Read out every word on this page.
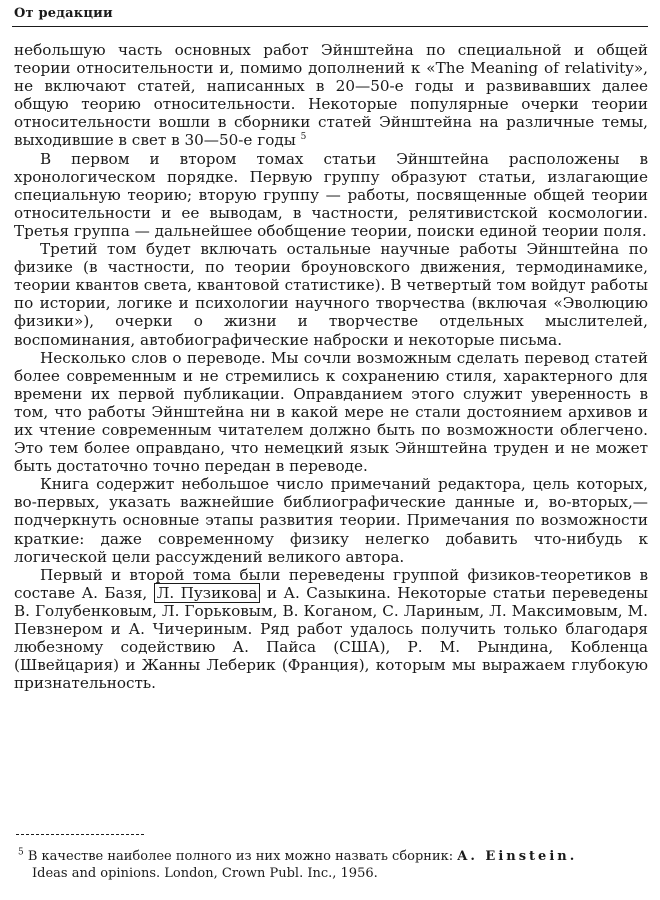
От редакции

небольшую часть основных работ Эйнштейна по специальной и общей теории относительности и, помимо дополнений к «The Meaning of relativity», не включают статей, написанных в 20—50-е годы и развивавших далее общую теорию относительности. Некоторые популярные очерки теории относительности вошли в сборники статей Эйнштейна на различные темы, выходившие в свет в 30—50-е годы $^5$

В первом и втором томах статьи Эйнштейна расположены в хронологическом порядке. Первую группу образуют статьи, излагающие специальную теорию; вторую группу — работы, посвященные общей теории относительности и ее выводам, в частности, релятивистской космологии. Третья группа — дальнейшее обобщение теории, поиски единой теории поля.

Третий том будет включать остальные научные работы Эйнштейна по физике (в частности, по теории броуновского движения, термодинамике, теории квантов света, квантовой статистике). В четвертый том войдут работы по истории, логике и психологии научного творчества (включая «Эволюцию физики»), очерки о жизни и творчестве отдельных мыслителей, воспоминания, автобиографические наброски и некоторые письма.

Несколько слов о переводе. Мы сочли возможным сделать перевод статей более современным и не стремились к сохранению стиля, характерного для времени их первой публикации. Оправданием этого служит уверенность в том, что работы Эйнштейна ни в какой мере не стали достоянием архивов и их чтение современным читателем должно быть по возможности облегчено. Это тем более оправдано, что немецкий язык Эйнштейна труден и не может быть достаточно точно передан в переводе.

Книга содержит небольшое число примечаний редактора, цель которых, во-первых, указать важнейшие библиографические данные и, во-вторых,— подчеркнуть основные этапы развития теории. Примечания по возможности краткие: даже современному физику нелегко добавить что-нибудь к логической цели рассуждений великого автора.

Первый и второй тома были переведены группой физиков-теоретиков в составе А. Базя, Л. Пузикова и А. Сазыкина. Некоторые статьи переведены В. Голубенковым, Л. Горьковым, В. Коганом, С. Лариным, Л. Максимовым, М. Певзнером и А. Чичериным. Ряд работ удалось получить только благодаря любезному содействию А. Пайса (США), Р. М. Рындина, Кобленца (Швейцария) и Жанны Леберик (Франция), которым мы выражаем глубокую признательность.

$^5$ В качестве наиболее полного из них можно назвать сборник: A. Einstein.
Ideas and opinions. London, Crown Publ. Inc., 1956.
